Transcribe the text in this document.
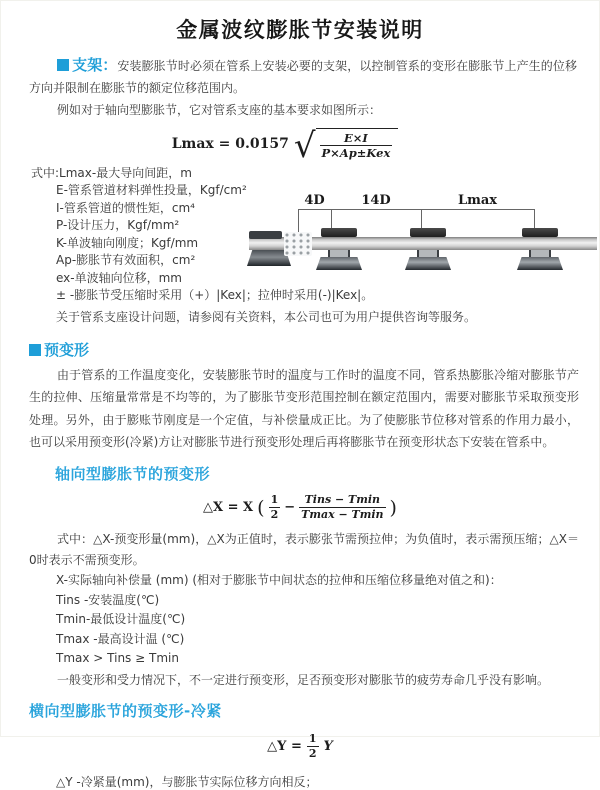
金属波纹膨胀节安装说明

支架：安装膨胀节时必须在管系上安装必要的支架，以控制管系的变形在膨胀节上产生的位移方向并限制在膨胀节的额定位移范围内。

例如对于轴向型膨胀节，它对管系支座的基本要求如图所示：

Lmax = 0.0157 √ $\frac{E\times I}{\text{P×Ap±Kex}}$
式中:Lmax-最大导向间距，m
E-管系管道材料弹性投量，Kgf/cm²
I-管系管道的惯性矩，cm⁴
P-设计压力，Kgf/mm²
K-单波轴向刚度；Kgf/mm
Ap-膨胀节有效面积，cm²
ex-单波轴向位移，mm
± -膨胀节受压缩时采用（+）|Kex|；拉伸时采用(-)|Kex|。

关于管系支座设计问题，请参阅有关资料，本公司也可为用户提供咨询等服务。

4D	14D	Lmax
预变形

由于管系的工作温度变化，安装膨胀节时的温度与工作时的温度不同，管系热膨胀冷缩对膨胀节产生的拉伸、压缩量常常是不均等的，为了膨胀节变形范围控制在额定范围内，需要对膨胀节采取预变形处理。另外，由于膨账节刚度是一个定值，与补偿量成正比。为了使膨胀节位移对管系的作用力最小，也可以采用预变形(冷紧)方让对膨胀节进行预变形处理后再将膨胀节在预变形状态下安装在管系中。

轴向型膨胀节的预变形
△X = X ( $\frac{1}{2}$ −
Tins − Tmin
Tmax − Tmin )

式中：△X-预变形量(mm)，△X为正值时，表示膨张节需预拉伸；为负值时，表示需预压缩；△X＝0时表示不需预变形。

X-实际轴向补偿量 (mm) (相对于膨胀节中间状态的拉伸和压缩位移量绝对值之和)：
Tins -安装温度(℃)
Tmin-最低设计温度(℃)
Tmax -最高设计温 (℃)
Tmax > Tins ≥ Tmin

一般变形和受力情况下，不一定进行预变形，足否预变形对膨胀节的疲劳寿命几乎没有影响。

横向型膨胀节的预变形-冷紧
△Y = $\frac{1}{2}$ Y

△Y -冷紧量(mm)，与膨胀节实际位移方向相反；
